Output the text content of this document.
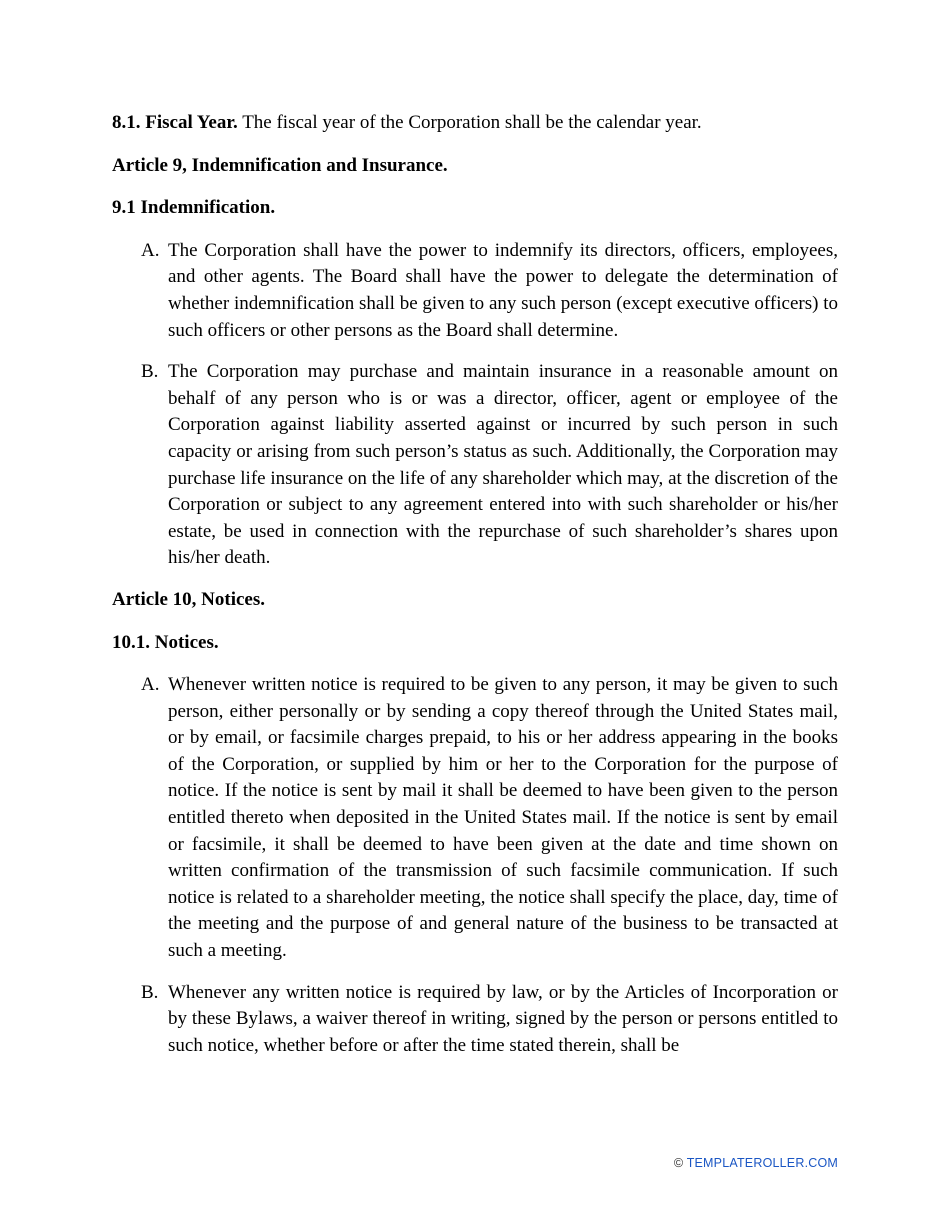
8.1. Fiscal Year. The fiscal year of the Corporation shall be the calendar year.

Article 9, Indemnification and Insurance.

9.1 Indemnification.

A. The Corporation shall have the power to indemnify its directors, officers, employees, and other agents. The Board shall have the power to delegate the determination of whether indemnification shall be given to any such person (except executive officers) to such officers or other persons as the Board shall determine.
B. The Corporation may purchase and maintain insurance in a reasonable amount on behalf of any person who is or was a director, officer, agent or employee of the Corporation against liability asserted against or incurred by such person in such capacity or arising from such person’s status as such. Additionally, the Corporation may purchase life insurance on the life of any shareholder which may, at the discretion of the Corporation or subject to any agreement entered into with such shareholder or his/her estate, be used in connection with the repurchase of such shareholder’s shares upon his/her death.

Article 10, Notices.

10.1. Notices.

A. Whenever written notice is required to be given to any person, it may be given to such person, either personally or by sending a copy thereof through the United States mail, or by email, or facsimile charges prepaid, to his or her address appearing in the books of the Corporation, or supplied by him or her to the Corporation for the purpose of notice. If the notice is sent by mail it shall be deemed to have been given to the person entitled thereto when deposited in the United States mail. If the notice is sent by email or facsimile, it shall be deemed to have been given at the date and time shown on written confirmation of the transmission of such facsimile communication. If such notice is related to a shareholder meeting, the notice shall specify the place, day, time of the meeting and the purpose of and general nature of the business to be transacted at such a meeting.
B. Whenever any written notice is required by law, or by the Articles of Incorporation or by these Bylaws, a waiver thereof in writing, signed by the person or persons entitled to such notice, whether before or after the time stated therein, shall be
© TEMPLATEROLLER.COM
